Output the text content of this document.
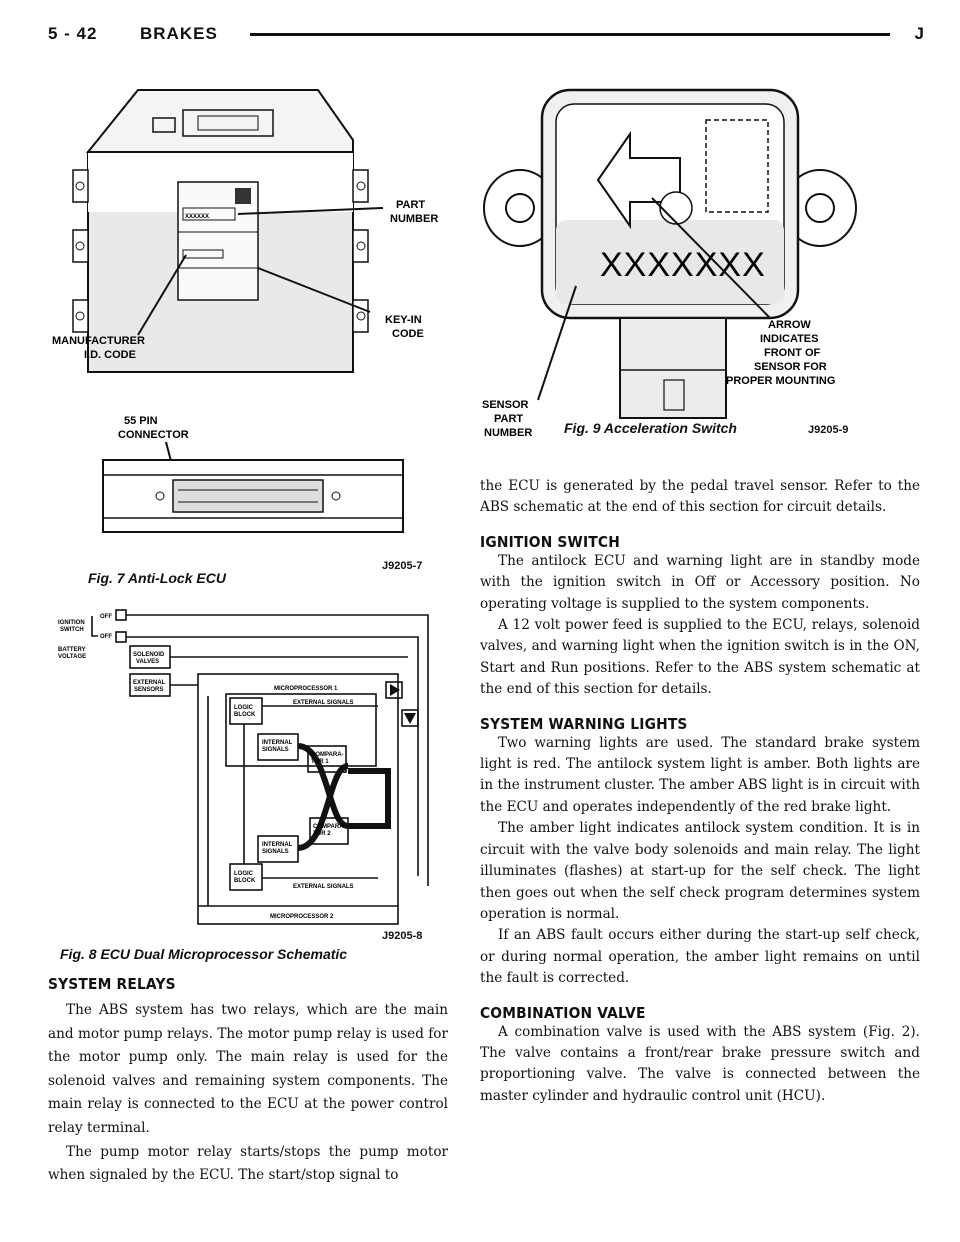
5 - 42	BRAKES	J
XXXXXX
PART
NUMBER
KEY-IN
CODE
MANUFACTURER
I.D. CODE
55 PIN
CONNECTOR
J9205-7
Fig. 7 Anti-Lock ECU
IGNITION
SWITCH
BATTERY
VOLTAGE
OFF
OFF
SOLENOID
VALVES
EXTERNAL
SENSORS	MICROPROCESSOR 1
LOGIC
BLOCK
EXTERNAL SIGNALS
INTERNAL
SIGNALS
COMPARA-
TOR 1
COMPARA-
TOR 2
INTERNAL
SIGNALS
LOGIC
BLOCK
EXTERNAL SIGNALS
MICROPROCESSOR 2
J9205-8
Fig. 8 ECU Dual Microprocessor Schematic
SYSTEM RELAYS

The ABS system has two relays, which are the main and motor pump relays. The motor pump relay is used for the motor pump only. The main relay is used for the solenoid valves and remaining system components. The main relay is connected to the ECU at the power control relay terminal.

The pump motor relay starts/stops the pump motor when signaled by the ECU. The start/stop signal to

XXXXXXX
ARROW
INDICATES
FRONT OF
SENSOR FOR
PROPER MOUNTING
SENSOR
PART
NUMBER	J9205-9
Fig. 9 Acceleration Switch

the ECU is generated by the pedal travel sensor. Refer to the ABS schematic at the end of this section for circuit details.

IGNITION SWITCH

The antilock ECU and warning light are in standby mode with the ignition switch in Off or Accessory position. No operating voltage is supplied to the system components.

A 12 volt power feed is supplied to the ECU, relays, solenoid valves, and warning light when the ignition switch is in the ON, Start and Run positions. Refer to the ABS system schematic at the end of this section for details.

SYSTEM WARNING LIGHTS

Two warning lights are used. The standard brake system light is red. The antilock system light is amber. Both lights are in the instrument cluster. The amber ABS light is in circuit with the ECU and operates independently of the red brake light.

The amber light indicates antilock system condition. It is in circuit with the valve body solenoids and main relay. The light illuminates (flashes) at start-up for the self check. The light then goes out when the self check program determines system operation is normal.

If an ABS fault occurs either during the start-up self check, or during normal operation, the amber light remains on until the fault is corrected.

COMBINATION VALVE

A combination valve is used with the ABS system (Fig. 2). The valve contains a front/rear brake pressure switch and proportioning valve. The valve is connected between the master cylinder and hydraulic control unit (HCU).
